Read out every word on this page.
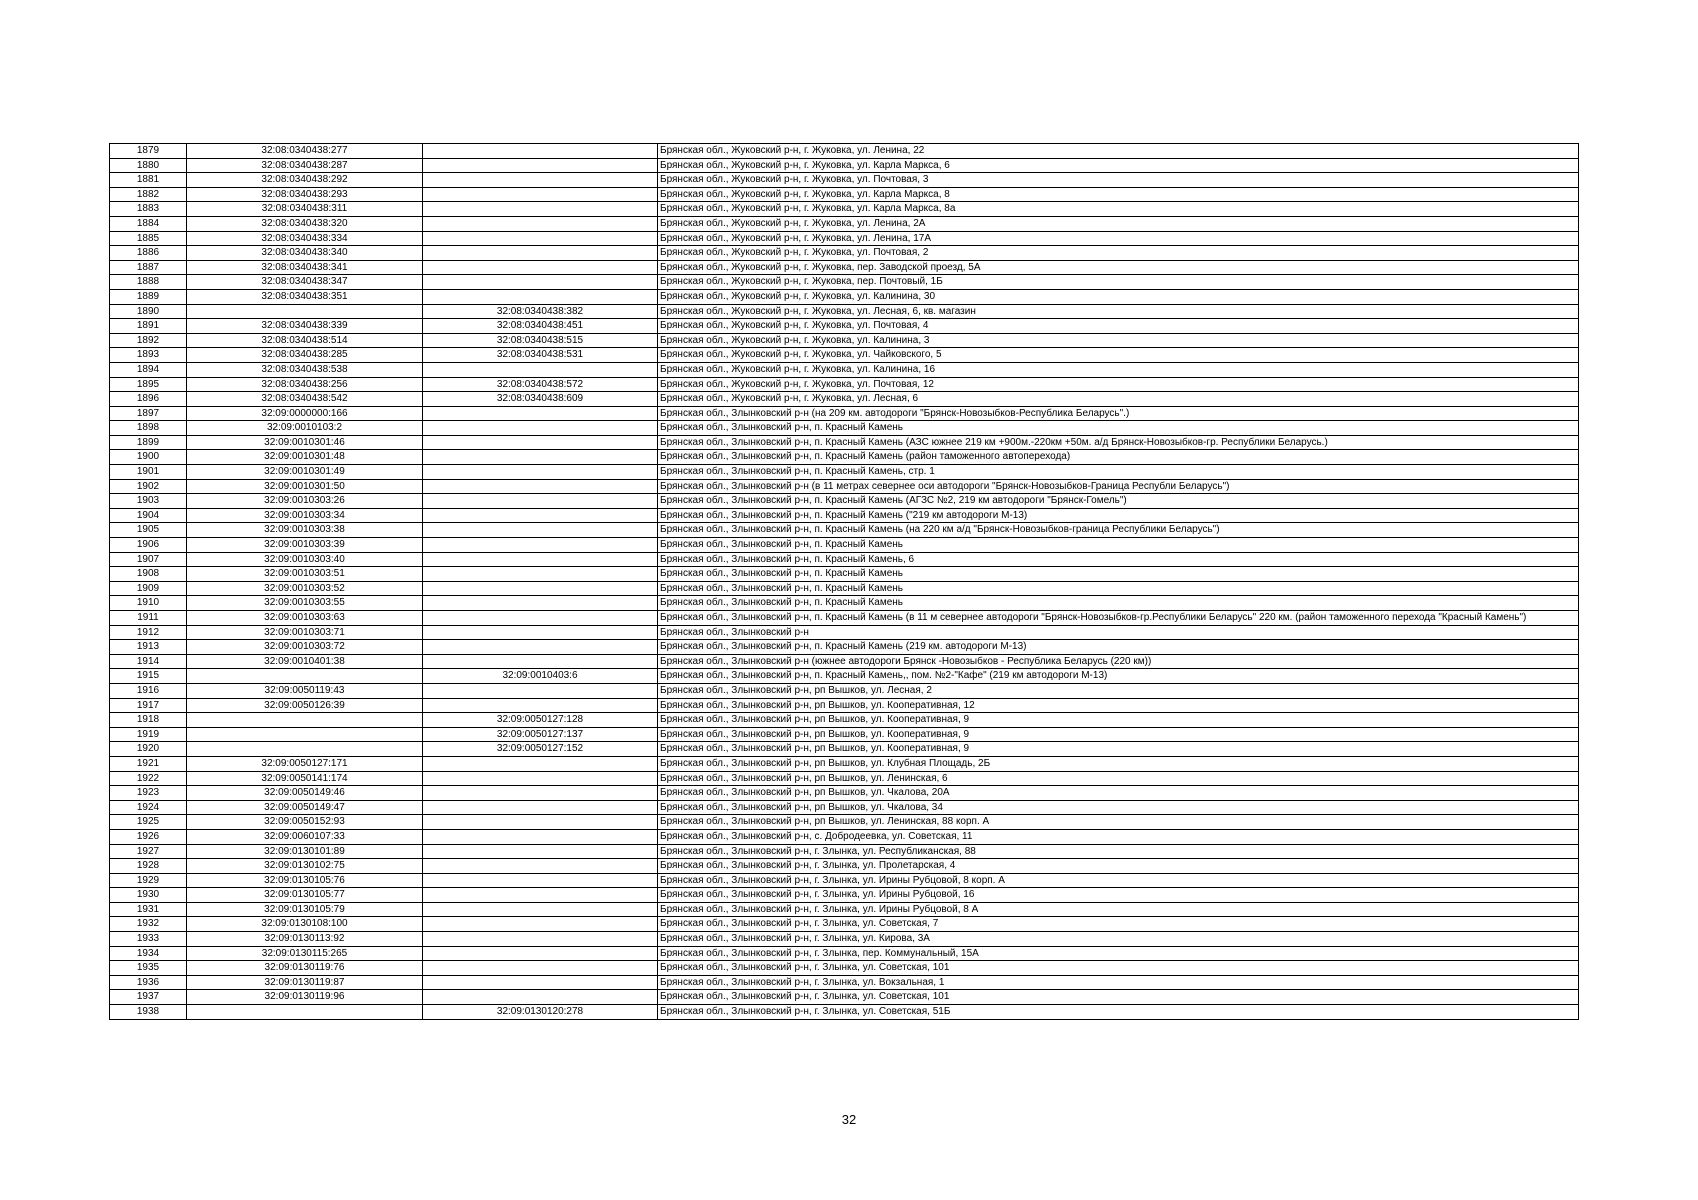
1879	32:08:0340438:277		Брянская обл., Жуковский р-н, г. Жуковка, ул. Ленина, 22
1880	32:08:0340438:287		Брянская обл., Жуковский р-н, г. Жуковка, ул. Карла Маркса, 6
1881	32:08:0340438:292		Брянская обл., Жуковский р-н, г. Жуковка, ул. Почтовая, 3
1882	32:08:0340438:293		Брянская обл., Жуковский р-н, г. Жуковка, ул. Карла Маркса, 8
1883	32:08:0340438:311		Брянская обл., Жуковский р-н, г. Жуковка, ул. Карла Маркса, 8а
1884	32:08:0340438:320		Брянская обл., Жуковский р-н, г. Жуковка, ул. Ленина, 2А
1885	32:08:0340438:334		Брянская обл., Жуковский р-н, г. Жуковка, ул. Ленина, 17А
1886	32:08:0340438:340		Брянская обл., Жуковский р-н, г. Жуковка, ул. Почтовая, 2
1887	32:08:0340438:341		Брянская обл., Жуковский р-н, г. Жуковка, пер. Заводской проезд, 5А
1888	32:08:0340438:347		Брянская обл., Жуковский р-н, г. Жуковка, пер. Почтовый, 1Б
1889	32:08:0340438:351		Брянская обл., Жуковский р-н, г. Жуковка, ул. Калинина, 30
1890		32:08:0340438:382	Брянская обл., Жуковский р-н, г. Жуковка, ул. Лесная, 6, кв. магазин
1891	32:08:0340438:339	32:08:0340438:451	Брянская обл., Жуковский р-н, г. Жуковка, ул. Почтовая, 4
1892	32:08:0340438:514	32:08:0340438:515	Брянская обл., Жуковский р-н, г. Жуковка, ул. Калинина, 3
1893	32:08:0340438:285	32:08:0340438:531	Брянская обл., Жуковский р-н, г. Жуковка, ул. Чайковского, 5
1894	32:08:0340438:538		Брянская обл., Жуковский р-н, г. Жуковка, ул. Калинина, 16
1895	32:08:0340438:256	32:08:0340438:572	Брянская обл., Жуковский р-н, г. Жуковка, ул. Почтовая, 12
1896	32:08:0340438:542	32:08:0340438:609	Брянская обл., Жуковский р-н, г. Жуковка, ул. Лесная, 6
1897	32:09:0000000:166		Брянская обл., Злынковский р-н (на 209 км. автодороги "Брянск-Новозыбков-Республика Беларусь".)
1898	32:09:0010103:2		Брянская обл., Злынковский р-н, п. Красный Камень
1899	32:09:0010301:46		Брянская обл., Злынковский р-н, п. Красный Камень (АЗС южнее 219 км +900м.-220км +50м. а/д Брянск-Новозыбков-гр. Республики Беларусь.)
1900	32:09:0010301:48		Брянская обл., Злынковский р-н, п. Красный Камень (район таможенного автоперехода)
1901	32:09:0010301:49		Брянская обл., Злынковский р-н, п. Красный Камень, стр. 1
1902	32:09:0010301:50		Брянская обл., Злынковский р-н (в 11 метрах севернее оси автодороги "Брянск-Новозыбков-Граница Республи Беларусь")
1903	32:09:0010303:26		Брянская обл., Злынковский р-н, п. Красный Камень (АГЗС №2, 219 км автодороги "Брянск-Гомель")
1904	32:09:0010303:34		Брянская обл., Злынковский р-н, п. Красный Камень ("219 км автодороги М-13)
1905	32:09:0010303:38		Брянская обл., Злынковский р-н, п. Красный Камень (на 220 км а/д "Брянск-Новозыбков-граница Республики Беларусь")
1906	32:09:0010303:39		Брянская обл., Злынковский р-н, п. Красный Камень
1907	32:09:0010303:40		Брянская обл., Злынковский р-н, п. Красный Камень, 6
1908	32:09:0010303:51		Брянская обл., Злынковский р-н, п. Красный Камень
1909	32:09:0010303:52		Брянская обл., Злынковский р-н, п. Красный Камень
1910	32:09:0010303:55		Брянская обл., Злынковский р-н, п. Красный Камень
1911	32:09:0010303:63		Брянская обл., Злынковский р-н, п. Красный Камень (в 11 м севернее автодороги "Брянск-Новозыбков-гр.Республики Беларусь" 220 км. (район таможенного перехода "Красный Камень")
1912	32:09:0010303:71		Брянская обл., Злынковский р-н
1913	32:09:0010303:72		Брянская обл., Злынковский р-н, п. Красный Камень (219 км. автодороги М-13)
1914	32:09:0010401:38		Брянская обл., Злынковский р-н (южнее автодороги Брянск -Новозыбков - Республика Беларусь (220 км))
1915		32:09:0010403:6	Брянская обл., Злынковский р-н, п. Красный Камень,, пом. №2-"Кафе" (219 км автодороги М-13)
1916	32:09:0050119:43		Брянская обл., Злынковский р-н, рп Вышков, ул. Лесная, 2
1917	32:09:0050126:39		Брянская обл., Злынковский р-н, рп Вышков, ул. Кооперативная, 12
1918		32:09:0050127:128	Брянская обл., Злынковский р-н, рп Вышков, ул. Кооперативная, 9
1919		32:09:0050127:137	Брянская обл., Злынковский р-н, рп Вышков, ул. Кооперативная, 9
1920		32:09:0050127:152	Брянская обл., Злынковский р-н, рп Вышков, ул. Кооперативная, 9
1921	32:09:0050127:171		Брянская обл., Злынковский р-н, рп Вышков, ул. Клубная Площадь, 2Б
1922	32:09:0050141:174		Брянская обл., Злынковский р-н, рп Вышков, ул. Ленинская, 6
1923	32:09:0050149:46		Брянская обл., Злынковский р-н, рп Вышков, ул. Чкалова, 20А
1924	32:09:0050149:47		Брянская обл., Злынковский р-н, рп Вышков, ул. Чкалова, 34
1925	32:09:0050152:93		Брянская обл., Злынковский р-н, рп Вышков, ул. Ленинская, 88 корп. А
1926	32:09:0060107:33		Брянская обл., Злынковский р-н, с. Добродеевка, ул. Советская, 11
1927	32:09:0130101:89		Брянская обл., Злынковский р-н, г. Злынка, ул. Республиканская, 88
1928	32:09:0130102:75		Брянская обл., Злынковский р-н, г. Злынка, ул. Пролетарская, 4
1929	32:09:0130105:76		Брянская обл., Злынковский р-н, г. Злынка, ул. Ирины Рубцовой, 8 корп. А
1930	32:09:0130105:77		Брянская обл., Злынковский р-н, г. Злынка, ул. Ирины Рубцовой, 16
1931	32:09:0130105:79		Брянская обл., Злынковский р-н, г. Злынка, ул. Ирины Рубцовой, 8 А
1932	32:09:0130108:100		Брянская обл., Злынковский р-н, г. Злынка, ул. Советская, 7
1933	32:09:0130113:92		Брянская обл., Злынковский р-н, г. Злынка, ул. Кирова, 3А
1934	32:09:0130115:265		Брянская обл., Злынковский р-н, г. Злынка, пер. Коммунальный, 15А
1935	32:09:0130119:76		Брянская обл., Злынковский р-н, г. Злынка, ул. Советская, 101
1936	32:09:0130119:87		Брянская обл., Злынковский р-н, г. Злынка, ул. Вокзальная, 1
1937	32:09:0130119:96		Брянская обл., Злынковский р-н, г. Злынка, ул. Советская, 101
1938		32:09:0130120:278	Брянская обл., Злынковский р-н, г. Злынка, ул. Советская, 51Б
32
